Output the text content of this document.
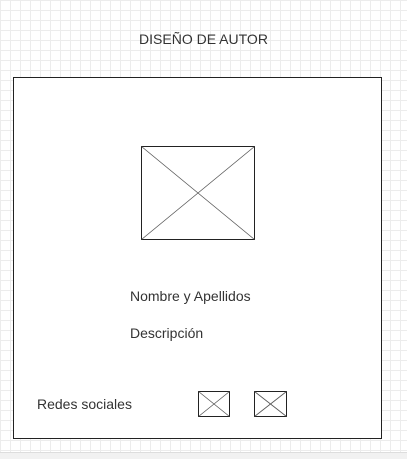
DISEÑO DE AUTOR
Nombre y Apellidos
Descripción
Redes sociales
